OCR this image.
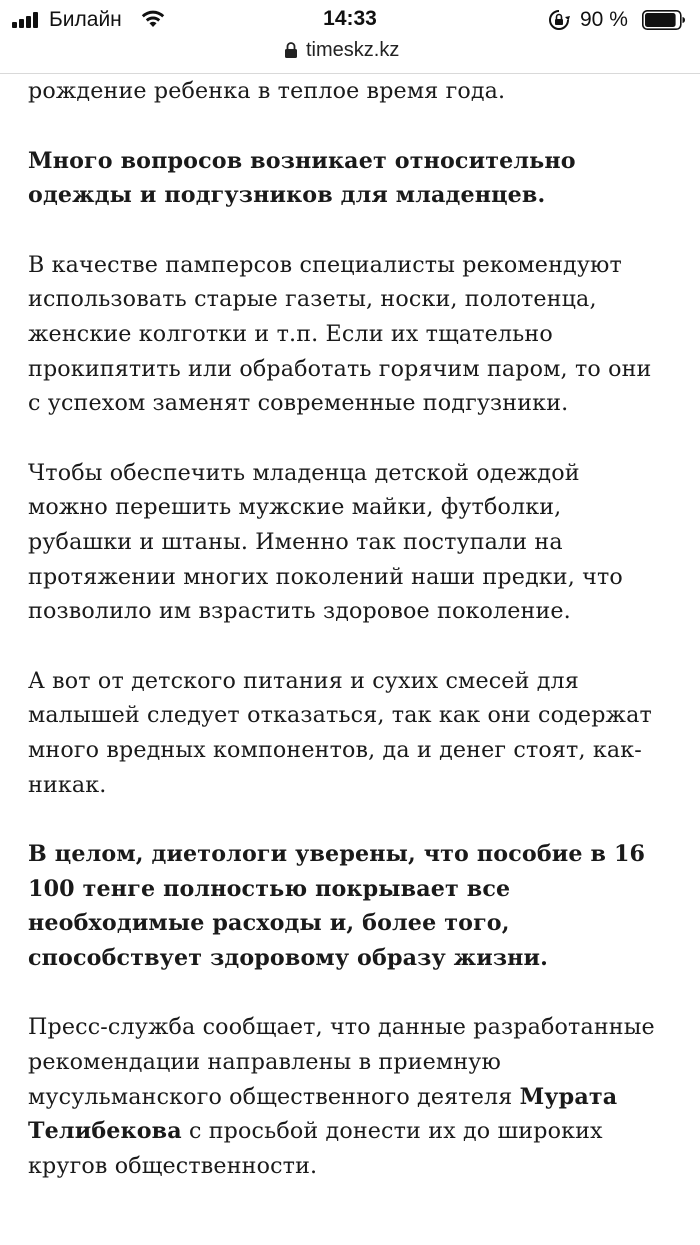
Билайн	14:33	90 %
timeskz.kz

рождение ребенка в теплое время года.

Много вопросов возникает относительно
одежды и подгузников для младенцев.

В качестве памперсов специалисты рекомендуют
использовать старые газеты, носки, полотенца,
женские колготки и т.п. Если их тщательно
прокипятить или обработать горячим паром, то они
с успехом заменят современные подгузники.

Чтобы обеспечить младенца детской одеждой
можно перешить мужские майки, футболки,
рубашки и штаны. Именно так поступали на
протяжении многих поколений наши предки, что
позволило им взрастить здоровое поколение.

А вот от детского питания и сухих смесей для
малышей следует отказаться, так как они содержат
много вредных компонентов, да и денег стоят, как-
никак.

В целом, диетологи уверены, что пособие в 16
100 тенге полностью покрывает все
необходимые расходы и, более того,
способствует здоровому образу жизни.

Пресс-служба сообщает, что данные разработанные
рекомендации направлены в приемную
мусульманского общественного деятеля Мурата
Телибекова с просьбой донести их до широких
кругов общественности.
